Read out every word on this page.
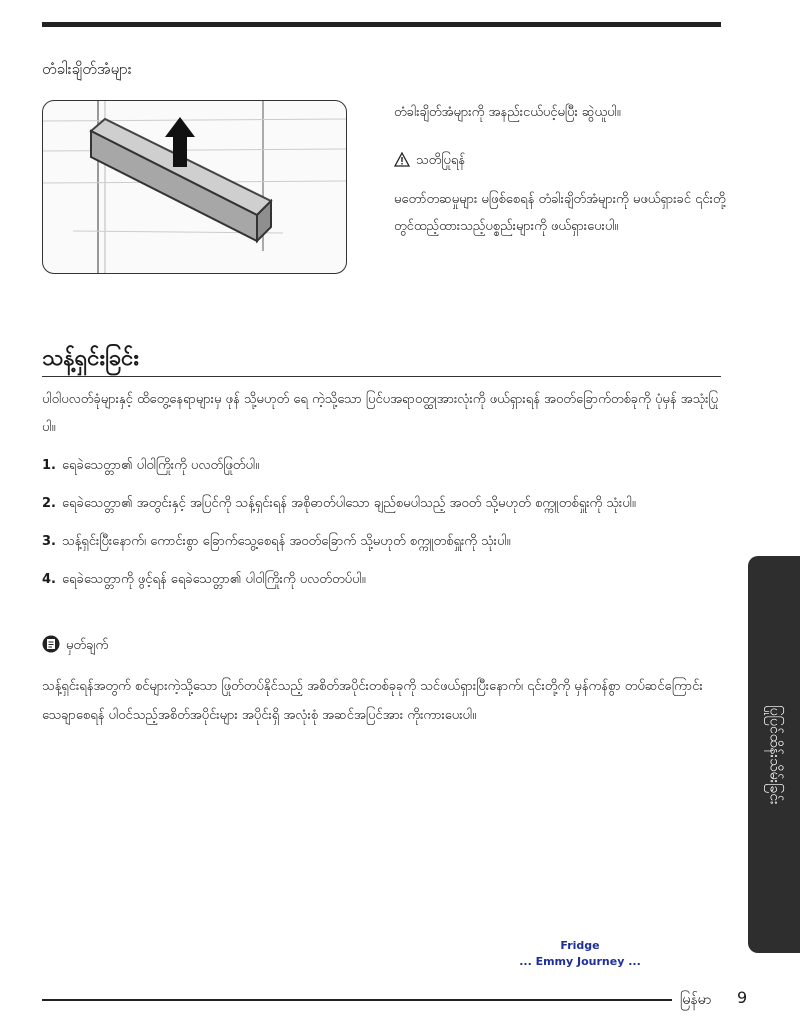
တံခါးချိတ်အံများ
တံခါးချိတ်အံများကို အနည်းငယ်ပင့်မပြီး ဆွဲယူပါ။
သတိပြုရန်
မတော်တဆမှုများ မဖြစ်စေရန် တံခါးချိတ်အံများကို မဖယ်ရှားခင် ၎င်းတို့တွင်ထည့်ထားသည့်ပစ္စည်းများကို ဖယ်ရှားပေးပါ။
သန့်ရှင်းခြင်း
ပါဝါပလတ်ခုံများနှင့် ထိတွေ့နေရာများမှ ဖုန် သို့မဟုတ် ရေ ကဲ့သို့သော ပြင်ပအရာဝတ္ထုအားလုံးကို ဖယ်ရှားရန် အဝတ်ခြောက်တစ်ခုကို ပုံမှန် အသုံးပြုပါ။
1. ရေခဲသေတ္တာ၏ ပါဝါကြိုးကို ပလတ်ဖြုတ်ပါ။
2. ရေခဲသေတ္တာ၏ အတွင်းနှင့် အပြင်ကို သန့်ရှင်းရန် အစိုဓာတ်ပါသော ချည်စမပါသည့် အဝတ် သို့မဟုတ် စက္ကူတစ်ရှူးကို သုံးပါ။
3. သန့်ရှင်းပြီးနောက်၊ ကောင်းစွာ ခြောက်သွေ့စေရန် အဝတ်ခြောက် သို့မဟုတ် စက္ကူတစ်ရှူးကို သုံးပါ။
4. ရေခဲသေတ္တာကို ဖွင့်ရန် ရေခဲသေတ္တာ၏ ပါဝါကြိုးကို ပလတ်တပ်ပါ။
မှတ်ချက်
သန့်ရှင်းရန်အတွက် စင်များကဲ့သို့သော ဖြုတ်တပ်နိုင်သည့် အစိတ်အပိုင်းတစ်ခုခုကို သင်ဖယ်ရှားပြီးနောက်၊ ၎င်းတို့ကို မှန်ကန်စွာ တပ်ဆင်ကြောင်း သေချာစေရန် ပါဝင်သည့်အစိတ်အပိုင်းများ အပိုင်းရှိ အလုံးစုံ အဆင်အပြင်အား ကိုးကားပေးပါ။	ပြုပြင်ထိန်းသိမ်းခြင်း
Fridge
... Emmy Journey ...
မြန်မာ 9
